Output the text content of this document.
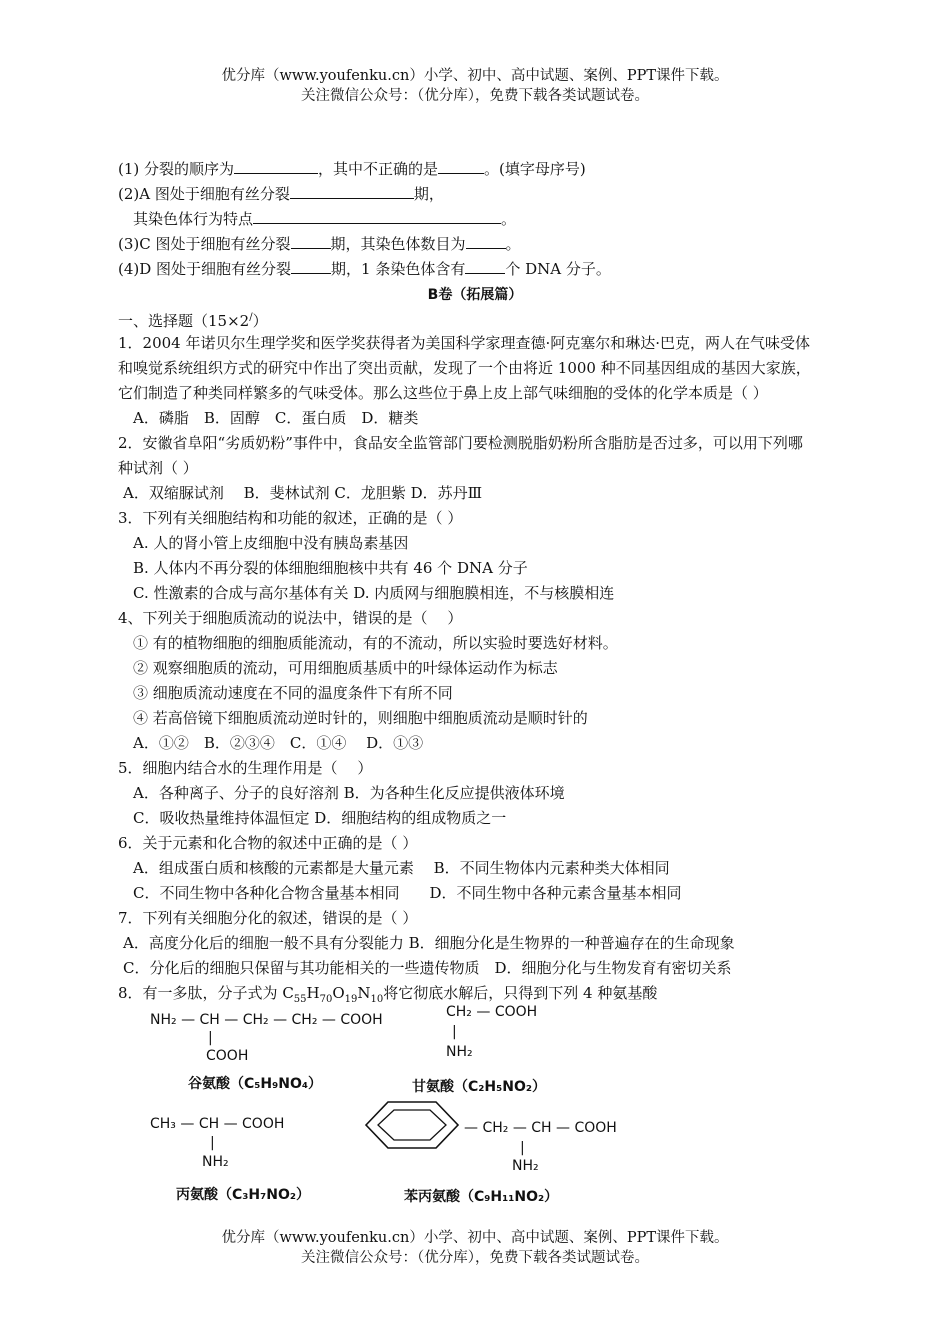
优分库（www.youfenku.cn）小学、初中、高中试题、案例、PPT课件下载。
关注微信公众号：（优分库），免费下载各类试题试卷。
(1) 分裂的顺序为	，其中不正确的是	。(填字母序号)
(2)A 图处于细胞有丝分裂	期，
其染色体行为特点	。
(3)C 图处于细胞有丝分裂	期，其染色体数目为	。
(4)D 图处于细胞有丝分裂	期，1 条染色体含有	个 DNA 分子。
B卷（拓展篇）
一、选择题（15×2/）
1．2004 年诺贝尔生理学奖和医学奖获得者为美国科学家理查德·阿克塞尔和琳达·巴克，两人在气味受体
和嗅觉系统组织方式的研究中作出了突出贡献，发现了一个由将近 1000 种不同基因组成的基因大家族，
它们制造了种类同样繁多的气味受体。那么这些位于鼻上皮上部气味细胞的受体的化学本质是（ ）
A．磷脂　B．固醇　C．蛋白质　D．糖类
2．安徽省阜阳“劣质奶粉”事件中，食品安全监管部门要检测脱脂奶粉所含脂肪是否过多，可以用下列哪
种试剂（ ）
A．双缩脲试剂　 B．斐林试剂 C．龙胆紫 D．苏丹Ⅲ
3．下列有关细胞结构和功能的叙述，正确的是（ ）
A. 人的肾小管上皮细胞中没有胰岛素基因
B. 人体内不再分裂的体细胞细胞核中共有 46 个 DNA 分子
C. 性激素的合成与高尔基体有关 D. 内质网与细胞膜相连，不与核膜相连
4、下列关于细胞质流动的说法中，错误的是（　 ）
① 有的植物细胞的细胞质能流动，有的不流动，所以实验时要选好材料。
② 观察细胞质的流动，可用细胞质基质中的叶绿体运动作为标志
③ 细胞质流动速度在不同的温度条件下有所不同
④ 若高倍镜下细胞质流动逆时针的，则细胞中细胞质流动是顺时针的
A．①②　B．②③④　C．①④　 D．①③
5．细胞内结合水的生理作用是（　 ）
A．各种离子、分子的良好溶剂 B．为各种生化反应提供液体环境
C．吸收热量维持体温恒定 D．细胞结构的组成物质之一
6．关于元素和化合物的叙述中正确的是（ ）
A．组成蛋白质和核酸的元素都是大量元素　 B．不同生物体内元素种类大体相同
C．不同生物中各种化合物含量基本相同　　D．不同生物中各种元素含量基本相同
7．下列有关细胞分化的叙述，错误的是（ ）
A．高度分化后的细胞一般不具有分裂能力 B．细胞分化是生物界的一种普遍存在的生命现象
C．分化后的细胞只保留与其功能相关的一些遗传物质　D．细胞分化与生物发育有密切关系
8．有一多肽，分子式为 $C_{55}H_{70}O_{19}N_{10}$将它彻底水解后，只得到下列 4 种氨基酸
NH₂ — CH — CH₂ — CH₂ — COOH
|
COOH
谷氨酸（C₅H₉NO₄）
CH₂ — COOH
|
NH₂
甘氨酸（C₂H₅NO₂）
CH₃ — CH — COOH
|
NH₂
丙氨酸（C₃H₇NO₂）
— CH₂ — CH — COOH
|
NH₂
苯丙氨酸（C₉H₁₁NO₂）
优分库（www.youfenku.cn）小学、初中、高中试题、案例、PPT课件下载。
关注微信公众号：（优分库），免费下载各类试题试卷。
